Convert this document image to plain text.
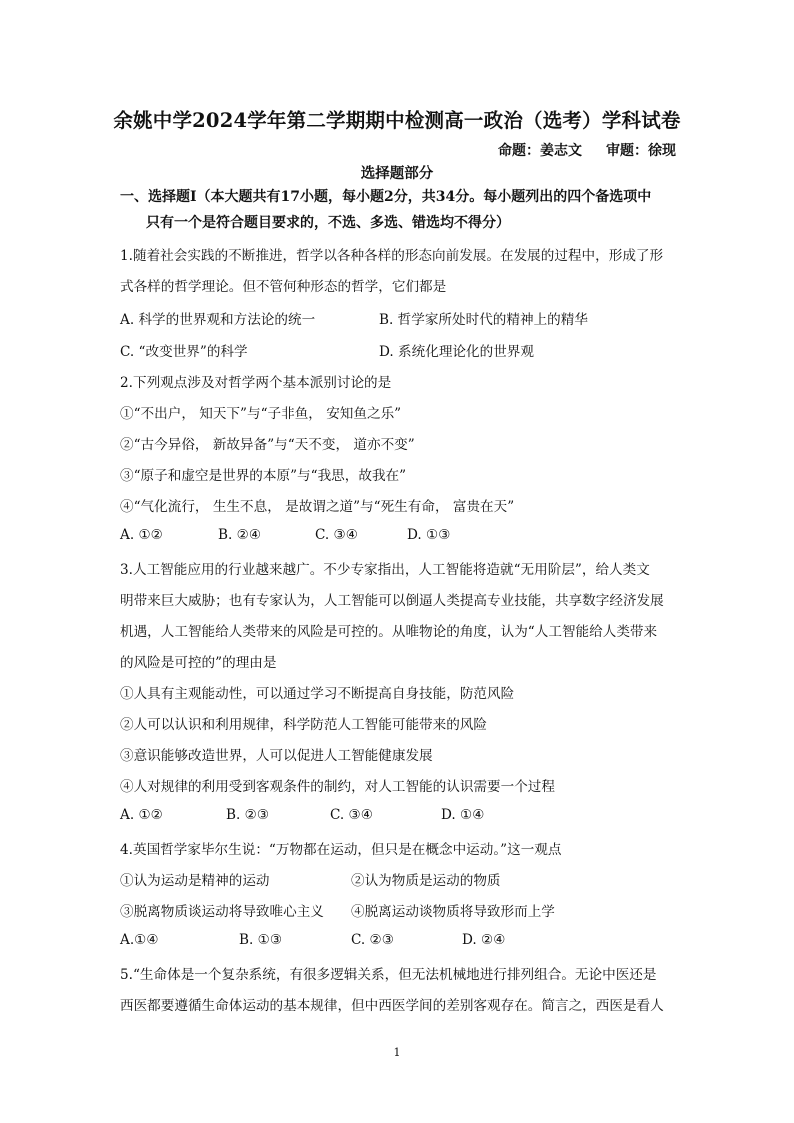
余姚中学2024学年第二学期期中检测高一政治（选考）学科试卷
命题：姜志文 审题：徐现
选择题部分
一、选择题Ⅰ（本大题共有17小题，每小题2分，共34分。每小题列出的四个备选项中
只有一个是符合题目要求的，不选、多选、错选均不得分）
1.随着社会实践的不断推进，哲学以各种各样的形态向前发展。在发展的过程中，形成了形
式各样的哲学理论。但不管何种形态的哲学，它们都是
A. 科学的世界观和方法论的统一	B. 哲学家所处时代的精神上的精华
C. “改变世界”的科学	D. 系统化理论化的世界观
2.下列观点涉及对哲学两个基本派别讨论的是
①“不出户， 知天下”与“子非鱼， 安知鱼之乐”
②“古今异俗， 新故异备”与“天不变， 道亦不变”
③“原子和虚空是世界的本原”与“我思，故我在”
④“气化流行， 生生不息， 是故谓之道”与“死生有命， 富贵在天”
A. ①②	B. ②④	C. ③④	D. ①③
3.人工智能应用的行业越来越广。不少专家指出，人工智能将造就“无用阶层”，给人类文
明带来巨大威胁；也有专家认为，人工智能可以倒逼人类提高专业技能，共享数字经济发展
机遇，人工智能给人类带来的风险是可控的。从唯物论的角度，认为“人工智能给人类带来
的风险是可控的”的理由是
①人具有主观能动性，可以通过学习不断提高自身技能，防范风险
②人可以认识和利用规律，科学防范人工智能可能带来的风险
③意识能够改造世界，人可以促进人工智能健康发展
④人对规律的利用受到客观条件的制约，对人工智能的认识需要一个过程
A. ①②	B. ②③	C. ③④	D. ①④
4.英国哲学家毕尔生说：“万物都在运动，但只是在概念中运动。”这一观点
①认为运动是精神的运动	②认为物质是运动的物质
③脱离物质谈运动将导致唯心主义 ④脱离运动谈物质将导致形而上学
A.①④	B. ①③	C. ②③	D. ②④
5.“生命体是一个复杂系统，有很多逻辑关系，但无法机械地进行排列组合。无论中医还是
西医都要遵循生命体运动的基本规律，但中西医学间的差别客观存在。简言之，西医是看人
1
